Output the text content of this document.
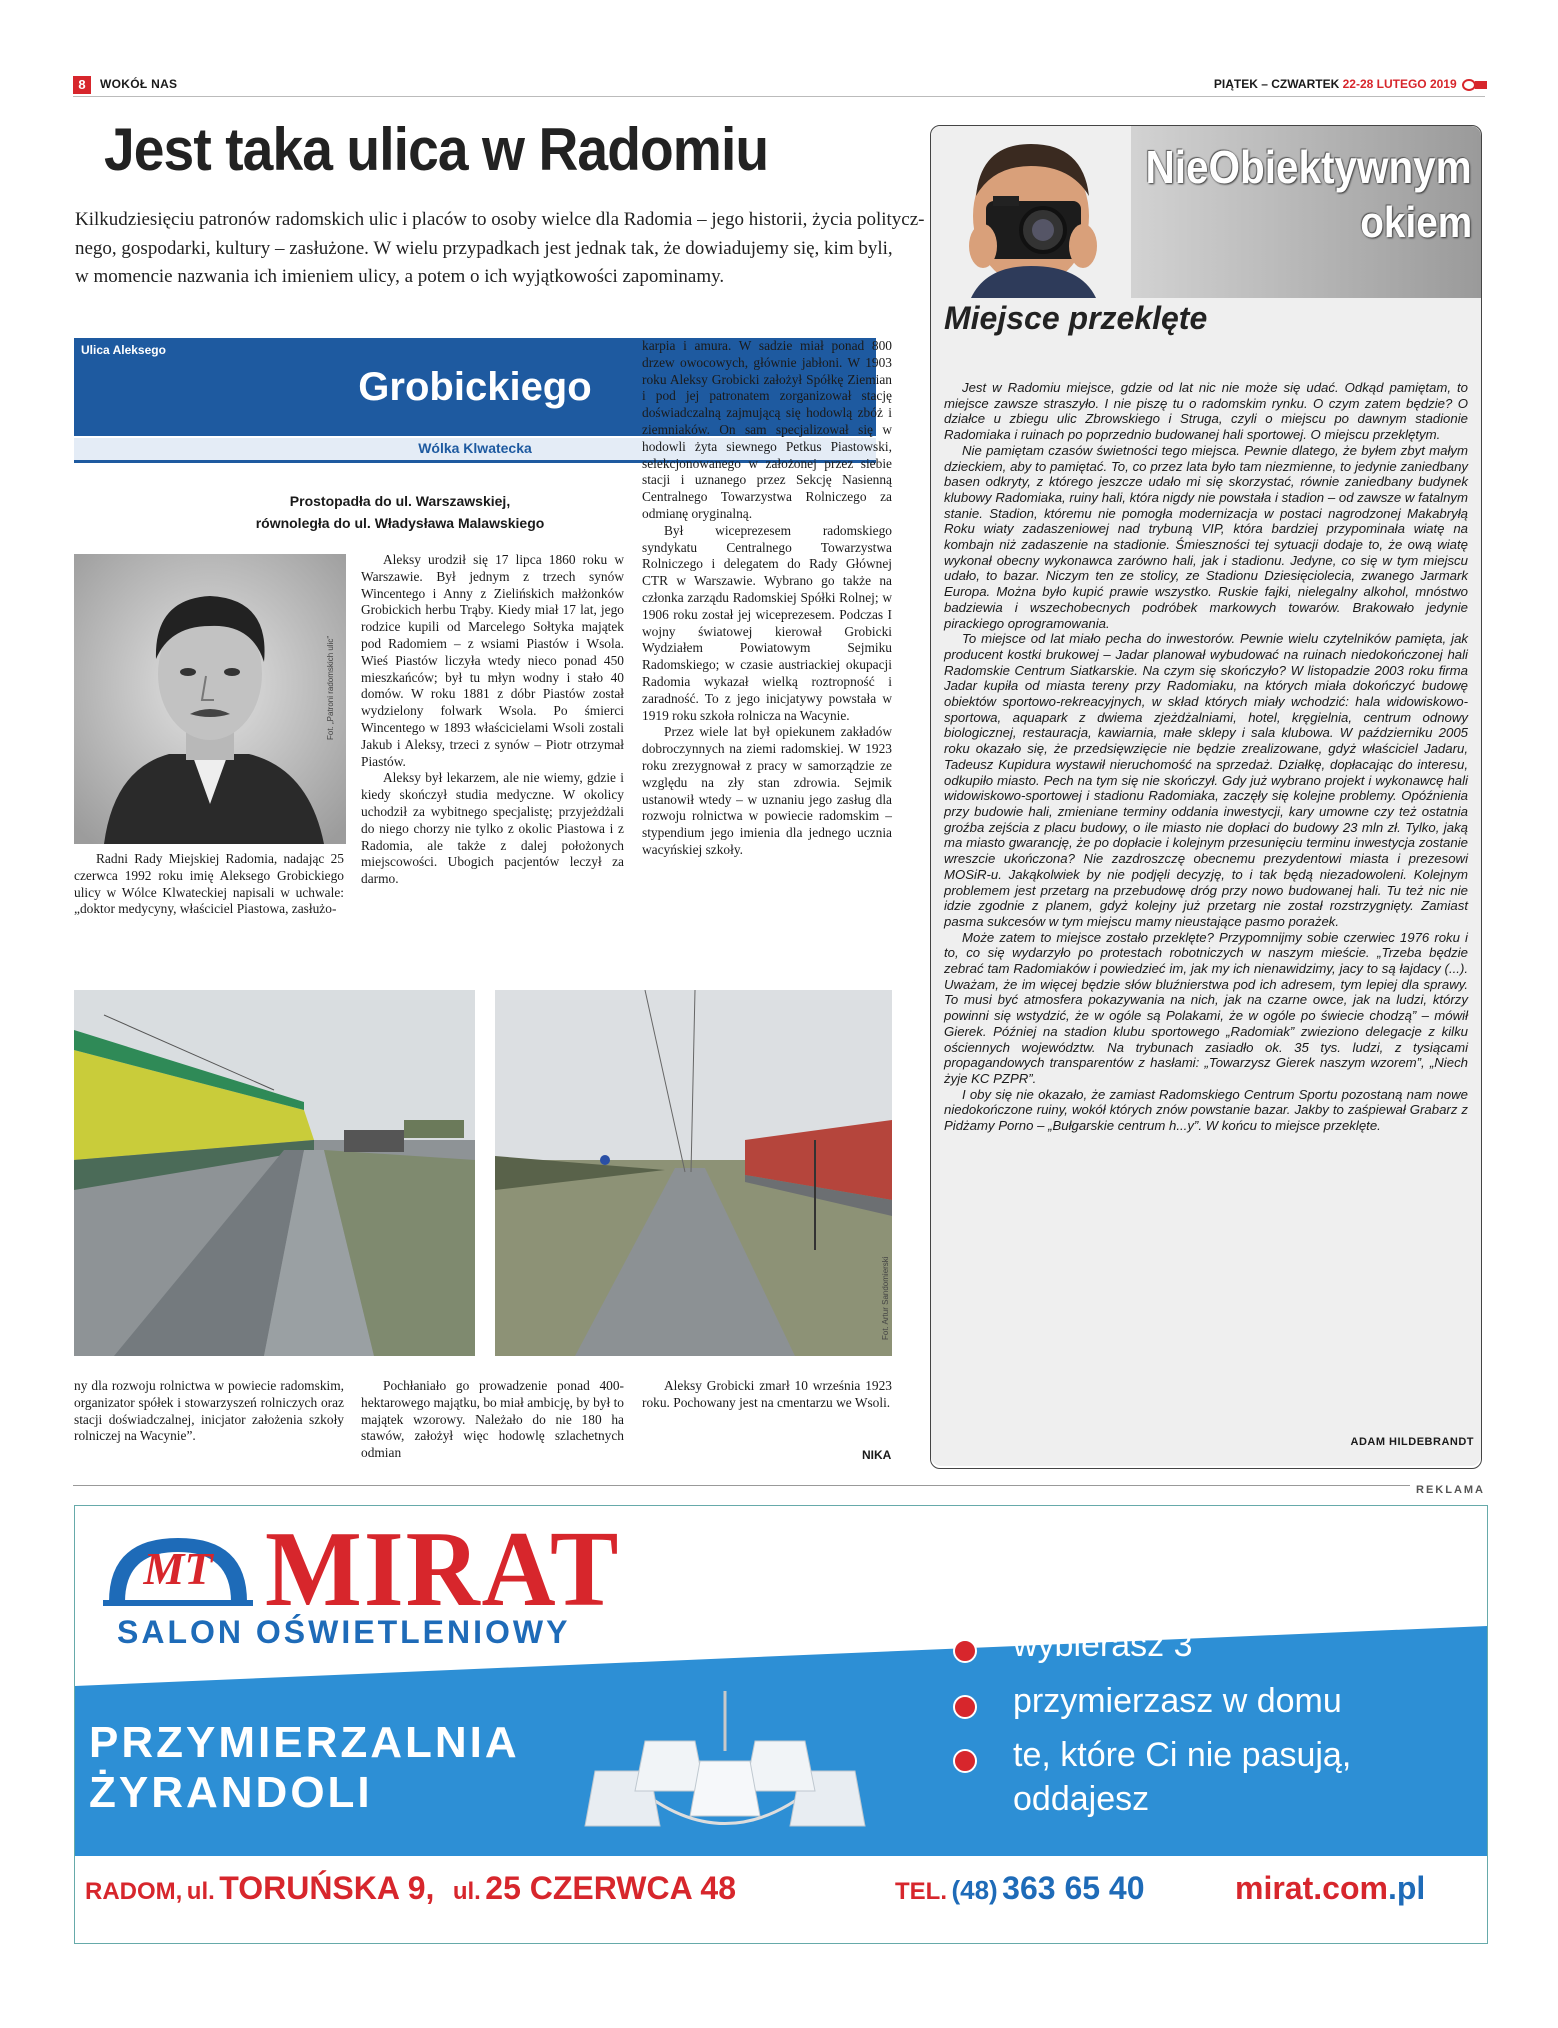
8	WOKÓŁ NAS	PIĄTEK – CZWARTEK 22-28 LUTEGO 2019
Jest taka ulica w Radomiu
Kilkudziesięciu patronów radomskich ulic i placów to osoby wielce dla Radomia – jego historii, życia politycz-
nego, gospodarki, kultury – zasłużone. W wielu przypadkach jest jednak tak, że dowiadujemy się, kim byli,
w momencie nazwania ich imieniem ulicy, a potem o ich wyjątkowości zapominamy.
Ulica Aleksego
Grobickiego
Wólka Klwatecka
Prostopadła do ul. Warszawskiej,
równoległa do ul. Władysława Malawskiego
Fot. „Patroni radomskich ulic”

Radni Rady Miejskiej Radomia, nadając 25 czerwca 1992 roku imię Aleksego Grobickiego ulicy w Wólce Klwateckiej napisali w uchwale: „doktor medycyny, właściciel Piastowa, zasłużo-

Aleksy urodził się 17 lipca 1860 roku w Warszawie. Był jednym z trzech synów Wincentego i Anny z Zielińskich małżonków Grobickich herbu Trąby. Kiedy miał 17 lat, jego rodzice kupili od Marcelego Sołtyka majątek pod Radomiem – z wsiami Piastów i Wsola. Wieś Piastów liczyła wtedy nieco ponad 450 mieszkańców; był tu młyn wodny i stało 40 domów. W roku 1881 z dóbr Piastów został wydzielony folwark Wsola. Po śmierci Wincentego w 1893 właścicielami Wsoli zostali Jakub i Aleksy, trzeci z synów – Piotr otrzymał Piastów.

Aleksy był lekarzem, ale nie wiemy, gdzie i kiedy skończył studia medyczne. W okolicy uchodził za wybitnego specjalistę; przyjeżdżali do niego chorzy nie tylko z okolic Piastowa i z Radomia, ale także z dalej położonych miejscowości. Ubogich pacjentów leczył za darmo.

karpia i amura. W sadzie miał ponad 800 drzew owocowych, głównie jabłoni. W 1903 roku Aleksy Grobicki założył Spółkę Ziemian i pod jej patronatem zorganizował stację doświadczalną zajmującą się hodowlą zbóż i ziemniaków. On sam specjalizował się w hodowli żyta siewnego Petkus Piastowski, selekcjonowanego w założonej przez siebie stacji i uznanego przez Sekcję Nasienną Centralnego Towarzystwa Rolniczego za odmianę oryginalną.

Był wiceprezesem radomskiego syndykatu Centralnego Towarzystwa Rolniczego i delegatem do Rady Głównej CTR w Warszawie. Wybrano go także na członka zarządu Radomskiej Spółki Rolnej; w 1906 roku został jej wiceprezesem. Podczas I wojny światowej kierował Grobicki Wydziałem Powiatowym Sejmiku Radomskiego; w czasie austriackiej okupacji Radomia wykazał wielką roztropność i zaradność. To z jego inicjatywy powstała w 1919 roku szkoła rolnicza na Wacynie.

Przez wiele lat był opiekunem zakładów dobroczynnych na ziemi radomskiej. W 1923 roku zrezygnował z pracy w samorządzie ze względu na zły stan zdrowia. Sejmik ustanowił wtedy – w uznaniu jego zasług dla rozwoju rolnictwa w powiecie radomskim – stypendium jego imienia dla jednego ucznia wacyńskiej szkoły.

Fot. Artur Sandomierski

ny dla rozwoju rolnictwa w powiecie radomskim, organizator spółek i stowarzyszeń rolniczych oraz stacji doświadczalnej, inicjator założenia szkoły rolniczej na Wacynie”.

Pochłaniało go prowadzenie ponad 400-hektarowego majątku, bo miał ambicję, by był to majątek wzorowy. Należało do nie 180 ha stawów, założył więc hodowlę szlachetnych odmian

Aleksy Grobicki zmarł 10 września 1923 roku. Pochowany jest na cmentarzu we Wsoli.

NIKA
NieObiektywnym
okiem
Miejsce przeklęte

Jest w Radomiu miejsce, gdzie od lat nic nie może się udać. Odkąd pamiętam, to miejsce zawsze straszyło. I nie piszę tu o radomskim rynku. O czym zatem będzie? O działce u zbiegu ulic Zbrowskiego i Struga, czyli o miejscu po dawnym stadionie Radomiaka i ruinach po poprzednio budowanej hali sportowej. O miejscu przeklętym.

Nie pamiętam czasów świetności tego miejsca. Pewnie dlatego, że byłem zbyt małym dzieckiem, aby to pamiętać. To, co przez lata było tam niezmienne, to jedynie zaniedbany basen odkryty, z którego jeszcze udało mi się skorzystać, równie zaniedbany budynek klubowy Radomiaka, ruiny hali, która nigdy nie powstała i stadion – od zawsze w fatalnym stanie. Stadion, któremu nie pomogła modernizacja w postaci nagrodzonej Makabryłą Roku wiaty zadaszeniowej nad trybuną VIP, która bardziej przypominała wiatę na kombajn niż zadaszenie na stadionie. Śmieszności tej sytuacji dodaje to, że ową wiatę wykonał obecny wykonawca zarówno hali, jak i stadionu. Jedyne, co się w tym miejscu udało, to bazar. Niczym ten ze stolicy, ze Stadionu Dziesięciolecia, zwanego Jarmark Europa. Można było kupić prawie wszystko. Ruskie fajki, nielegalny alkohol, mnóstwo badziewia i wszechobecnych podróbek markowych towarów. Brakowało jedynie pirackiego oprogramowania.

To miejsce od lat miało pecha do inwestorów. Pewnie wielu czytelników pamięta, jak producent kostki brukowej – Jadar planował wybudować na ruinach niedokończonej hali Radomskie Centrum Siatkarskie. Na czym się skończyło? W listopadzie 2003 roku firma Jadar kupiła od miasta tereny przy Radomiaku, na których miała dokończyć budowę obiektów sportowo-rekreacyjnych, w skład których miały wchodzić: hala widowiskowo-sportowa, aquapark z dwiema zjeżdżalniami, hotel, kręgielnia, centrum odnowy biologicznej, restauracja, kawiarnia, małe sklepy i sala klubowa. W październiku 2005 roku okazało się, że przedsięwzięcie nie będzie zrealizowane, gdyż właściciel Jadaru, Tadeusz Kupidura wystawił nieruchomość na sprzedaż. Działkę, dopłacając do interesu, odkupiło miasto. Pech na tym się nie skończył. Gdy już wybrano projekt i wykonawcę hali widowiskowo-sportowej i stadionu Radomiaka, zaczęły się kolejne problemy. Opóźnienia przy budowie hali, zmieniane terminy oddania inwestycji, kary umowne czy też ostatnia groźba zejścia z placu budowy, o ile miasto nie dopłaci do budowy 23 mln zł. Tylko, jaką ma miasto gwarancję, że po dopłacie i kolejnym przesunięciu terminu inwestycja zostanie wreszcie ukończona? Nie zazdroszczę obecnemu prezydentowi miasta i prezesowi MOSiR-u. Jakąkolwiek by nie podjęli decyzję, to i tak będą niezadowoleni. Kolejnym problemem jest przetarg na przebudowę dróg przy nowo budowanej hali. Tu też nic nie idzie zgodnie z planem, gdyż kolejny już przetarg nie został rozstrzygnięty. Zamiast pasma sukcesów w tym miejscu mamy nieustające pasmo porażek.

Może zatem to miejsce zostało przeklęte? Przypomnijmy sobie czerwiec 1976 roku i to, co się wydarzyło po protestach robotniczych w naszym mieście. „Trzeba będzie zebrać tam Radomiaków i powiedzieć im, jak my ich nienawidzimy, jacy to są łajdacy (...). Uważam, że im więcej będzie słów bluźnierstwa pod ich adresem, tym lepiej dla sprawy. To musi być atmosfera pokazywania na nich, jak na czarne owce, jak na ludzi, którzy powinni się wstydzić, że w ogóle są Polakami, że w ogóle po świecie chodzą” – mówił Gierek. Później na stadion klubu sportowego „Radomiak” zwieziono delegacje z kilku ościennych województw. Na trybunach zasiadło ok. 35 tys. ludzi, z tysiącami propagandowych transparentów z hasłami: „Towarzysz Gierek naszym wzorem”, „Niech żyje KC PZPR”.

I oby się nie okazało, że zamiast Radomskiego Centrum Sportu pozostaną nam nowe niedokończone ruiny, wokół których znów powstanie bazar. Jakby to zaśpiewał Grabarz z Pidżamy Porno – „Bułgarskie centrum h...y”. W końcu to miejsce przeklęte.

ADAM HILDEBRANDT
REKLAMA
MT MIRAT
SALON OŚWIETLENIOWY
PRZYMIERZALNIA
ŻYRANDOLI
wybierasz 3
przymierzasz w domu
te, które Ci nie pasują,
oddajesz
RADOM, ul. TORUŃSKA 9, ul. 25 CZERWCA 48	TEL. (48) 363 65 40	mirat.com.pl
